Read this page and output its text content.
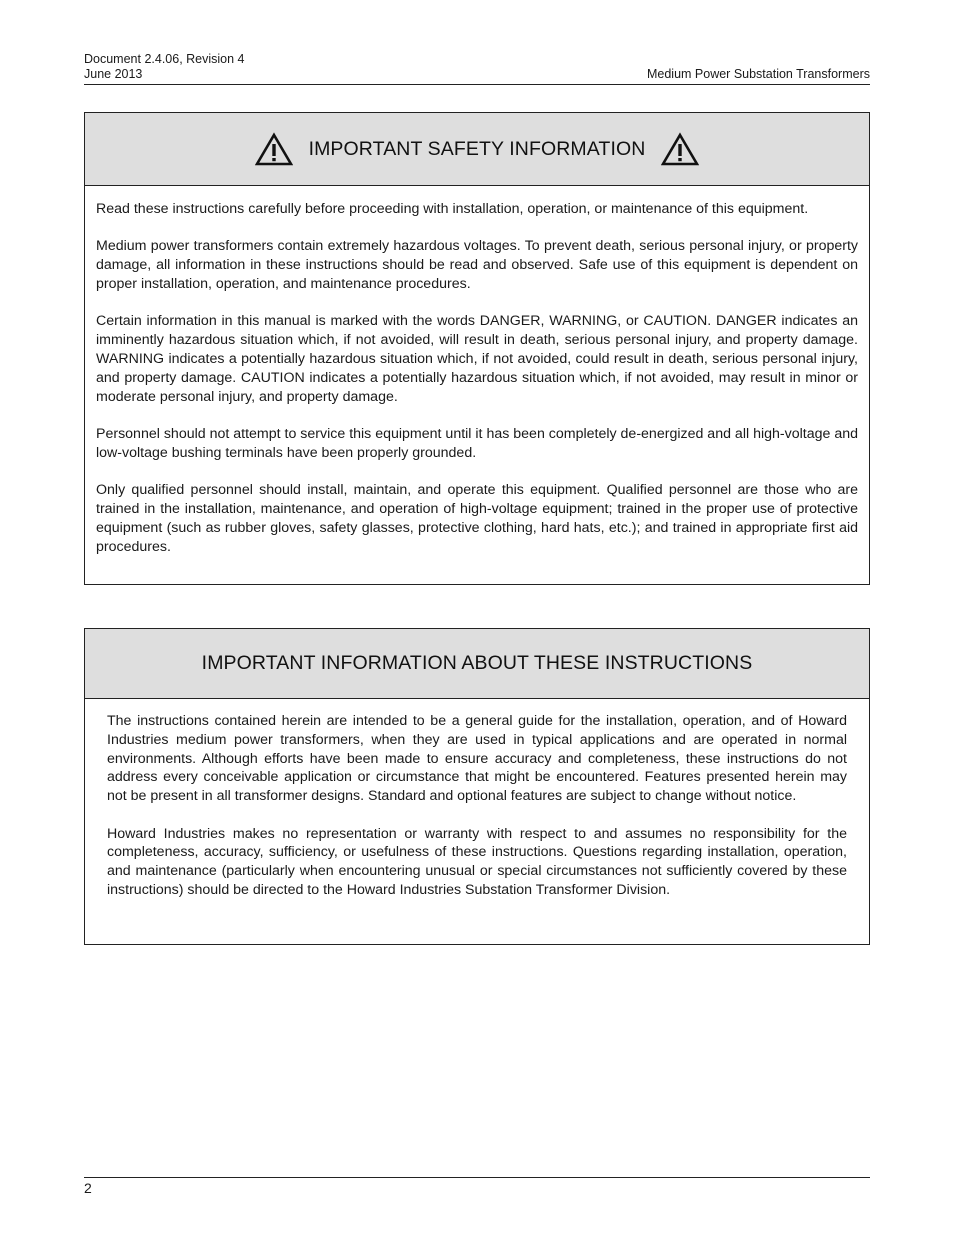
Document 2.4.06, Revision 4
June 2013	Medium Power Substation Transformers
IMPORTANT SAFETY INFORMATION

Read these instructions carefully before proceeding with installation, operation, or maintenance of this equipment.

Medium power transformers contain extremely hazardous voltages. To prevent death, serious personal injury, or property damage, all information in these instructions should be read and observed. Safe use of this equipment is dependent on proper installation, operation, and maintenance procedures.

Certain information in this manual is marked with the words DANGER, WARNING, or CAUTION. DANGER indicates an imminently hazardous situation which, if not avoided, will result in death, serious personal injury, and property damage. WARNING indicates a potentially hazardous situation which, if not avoided, could result in death, serious personal injury, and property damage. CAUTION indicates a potentially hazardous situation which, if not avoided, may result in minor or moderate personal injury, and property damage.

Personnel should not attempt to service this equipment until it has been completely de-energized and all high-voltage and low-voltage bushing terminals have been properly grounded.

Only qualified personnel should install, maintain, and operate this equipment. Qualified personnel are those who are trained in the installation, maintenance, and operation of high-voltage equipment; trained in the proper use of protective equipment (such as rubber gloves, safety glasses, protective clothing, hard hats, etc.); and trained in appropriate first aid procedures.

IMPORTANT INFORMATION ABOUT THESE INSTRUCTIONS

The instructions contained herein are intended to be a general guide for the installation, operation, and of Howard Industries medium power transformers, when they are used in typical applications and are operated in normal environments. Although efforts have been made to ensure accuracy and completeness, these instructions do not address every conceivable application or circumstance that might be encountered. Features presented herein may not be present in all transformer designs. Standard and optional features are subject to change without notice.

Howard Industries makes no representation or warranty with respect to and assumes no responsibility for the completeness, accuracy, sufficiency, or usefulness of these instructions. Questions regarding installation, operation, and maintenance (particularly when encountering unusual or special circumstances not sufficiently covered by these instructions) should be directed to the Howard Industries Substation Transformer Division.

2
